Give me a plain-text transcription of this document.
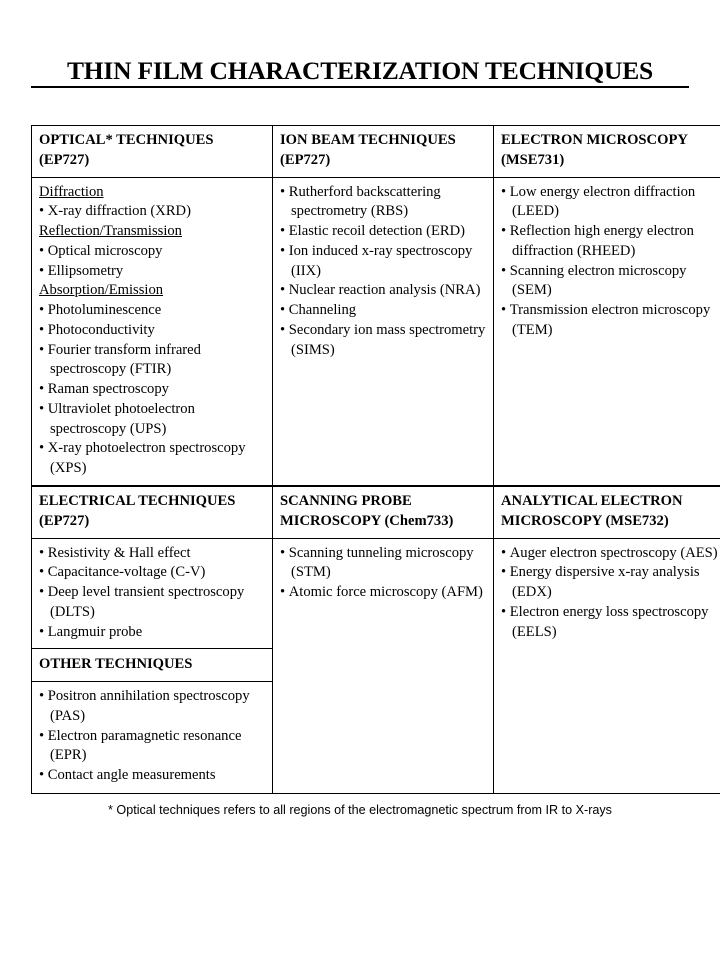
THIN FILM CHARACTERIZATION TECHNIQUES
OPTICAL* TECHNIQUES (EP727)	ION BEAM TECHNIQUES (EP727)	ELECTRON MICROSCOPY (MSE731)

Diffraction
• X-ray diffraction (XRD)
Reflection/Transmission
• Optical microscopy
• Ellipsometry
Absorption/Emission
• Photoluminescence
• Photoconductivity
• Fourier transform infrared spectroscopy (FTIR)
• Raman spectroscopy
• Ultraviolet photoelectron spectroscopy (UPS)
• X-ray photoelectron spectroscopy (XPS)

• Rutherford backscattering spectrometry (RBS)
• Elastic recoil detection (ERD)
• Ion induced x-ray spectroscopy (IIX)
• Nuclear reaction analysis (NRA)
• Channeling
• Secondary ion mass spectrometry (SIMS)

• Low energy electron diffraction (LEED)
• Reflection high energy electron diffraction (RHEED)
• Scanning electron microscopy (SEM)
• Transmission electron microscopy (TEM)

ELECTRICAL TECHNIQUES (EP727)	SCANNING PROBE MICROSCOPY (Chem733)	ANALYTICAL ELECTRON MICROSCOPY (MSE732)

• Resistivity & Hall effect
• Capacitance-voltage (C-V)
• Deep level transient spectroscopy (DLTS)
• Langmuir probe

OTHER TECHNIQUES

• Positron annihilation spectroscopy (PAS)
• Electron paramagnetic resonance (EPR)
• Contact angle measurements

• Scanning tunneling microscopy (STM)
• Atomic force microscopy (AFM)

• Auger electron spectroscopy (AES)
• Energy dispersive x-ray analysis (EDX)
• Electron energy loss spectroscopy (EELS)
* Optical techniques refers to all regions of the electromagnetic spectrum from IR to X-rays
